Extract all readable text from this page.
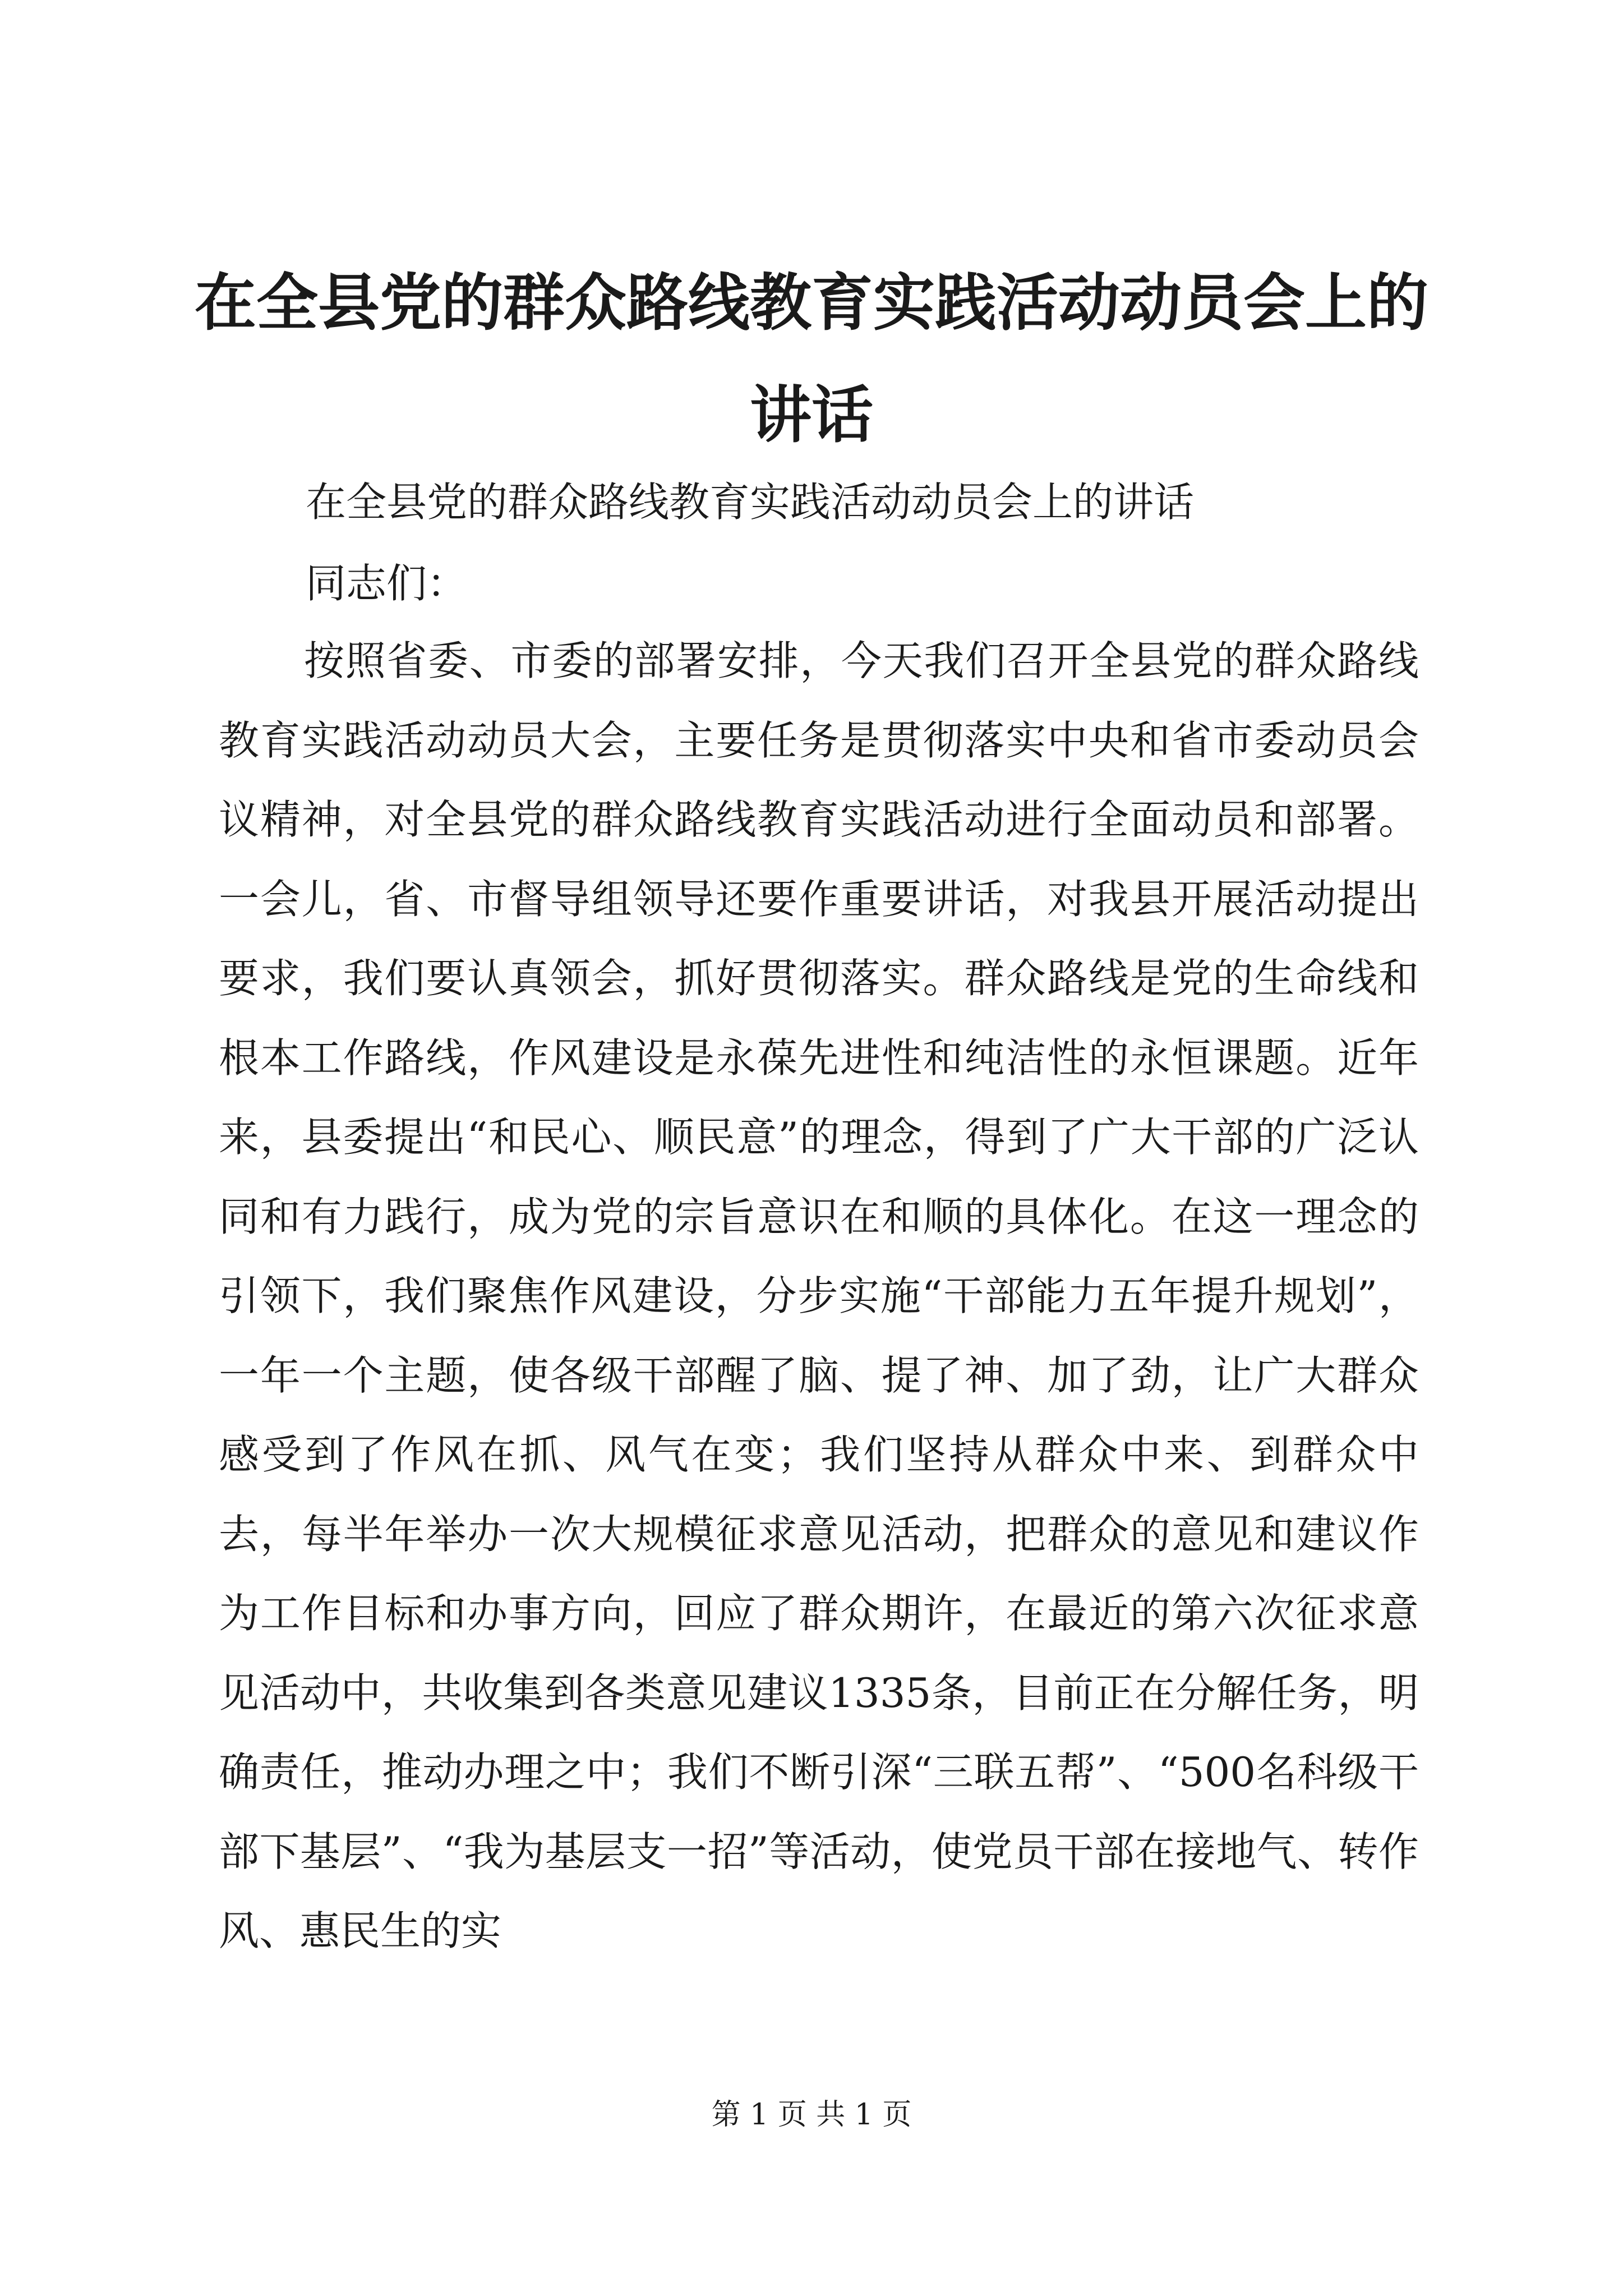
在全县党的群众路线教育实践活动动员会上的讲话

在全县党的群众路线教育实践活动动员会上的讲话

同志们：

按照省委、市委的部署安排，今天我们召开全县党的群众路线教育实践活动动员大会，主要任务是贯彻落实中央和省市委动员会议精神，对全县党的群众路线教育实践活动进行全面动员和部署。一会儿，省、市督导组领导还要作重要讲话，对我县开展活动提出要求，我们要认真领会，抓好贯彻落实。群众路线是党的生命线和根本工作路线，作风建设是永葆先进性和纯洁性的永恒课题。近年来，县委提出“和民心、顺民意”的理念，得到了广大干部的广泛认同和有力践行，成为党的宗旨意识在和顺的具体化。在这一理念的引领下，我们聚焦作风建设，分步实施“干部能力五年提升规划”，一年一个主题，使各级干部醒了脑、提了神、加了劲，让广大群众感受到了作风在抓、风气在变；我们坚持从群众中来、到群众中去，每半年举办一次大规模征求意见活动，把群众的意见和建议作为工作目标和办事方向，回应了群众期许，在最近的第六次征求意见活动中，共收集到各类意见建议1335条，目前正在分解任务，明确责任，推动办理之中；我们不断引深“三联五帮”、“500名科级干部下基层”、“我为基层支一招”等活动，使党员干部在接地气、转作风、惠民生的实

第 1 页 共 1 页
